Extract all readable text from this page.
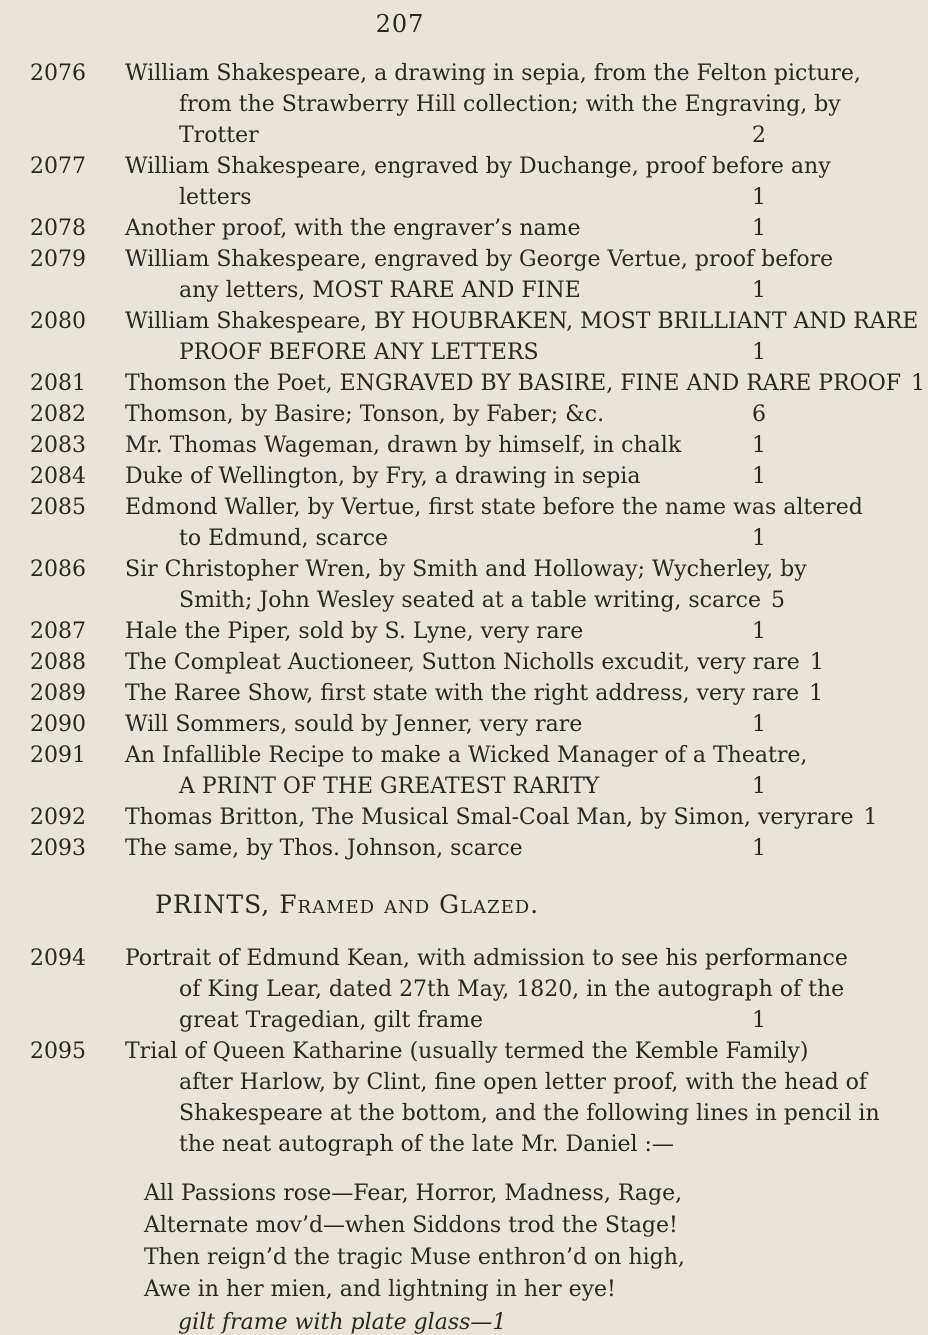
207
2076	William Shakespeare, a drawing in sepia, from the Felton picture,
from the Strawberry Hill collection; with the Engraving, by
Trotter	2
2077	William Shakespeare, engraved by Duchange, proof before any
letters	1
2078	Another proof, with the engraver’s name	1
2079	William Shakespeare, engraved by George Vertue, proof before
any letters, MOST RARE AND FINE	1
2080	William Shakespeare, BY HOUBRAKEN, MOST BRILLIANT AND RARE
PROOF BEFORE ANY LETTERS	1
2081	Thomson the Poet, ENGRAVED BY BASIRE, FINE AND RARE PROOF 1
2082	Thomson, by Basire; Tonson, by Faber; &c.	6
2083	Mr. Thomas Wageman, drawn by himself, in chalk	1
2084	Duke of Wellington, by Fry, a drawing in sepia	1
2085	Edmond Waller, by Vertue, first state before the name was altered
to Edmund, scarce	1
2086	Sir Christopher Wren, by Smith and Holloway; Wycherley, by
Smith; John Wesley seated at a table writing, scarce 5
2087	Hale the Piper, sold by S. Lyne, very rare	1
2088	The Compleat Auctioneer, Sutton Nicholls excudit, very rare 1
2089	The Raree Show, first state with the right address, very rare 1
2090	Will Sommers, sould by Jenner, very rare	1
2091	An Infallible Recipe to make a Wicked Manager of a Theatre,
A PRINT OF THE GREATEST RARITY	1
2092	Thomas Britton, The Musical Smal-Coal Man, by Simon, veryrare 1
2093	The same, by Thos. Johnson, scarce	1
PRINTS, Framed and Glazed.
2094	Portrait of Edmund Kean, with admission to see his performance
of King Lear, dated 27th May, 1820, in the autograph of the
great Tragedian, gilt frame	1
2095	Trial of Queen Katharine (usually termed the Kemble Family)
after Harlow, by Clint, fine open letter proof, with the head of
Shakespeare at the bottom, and the following lines in pencil in
the neat autograph of the late Mr. Daniel :—
All Passions rose—Fear, Horror, Madness, Rage,
Alternate mov’d—when Siddons trod the Stage!
Then reign’d the tragic Muse enthron’d on high,
Awe in her mien, and lightning in her eye!
gilt frame with plate glass—1
